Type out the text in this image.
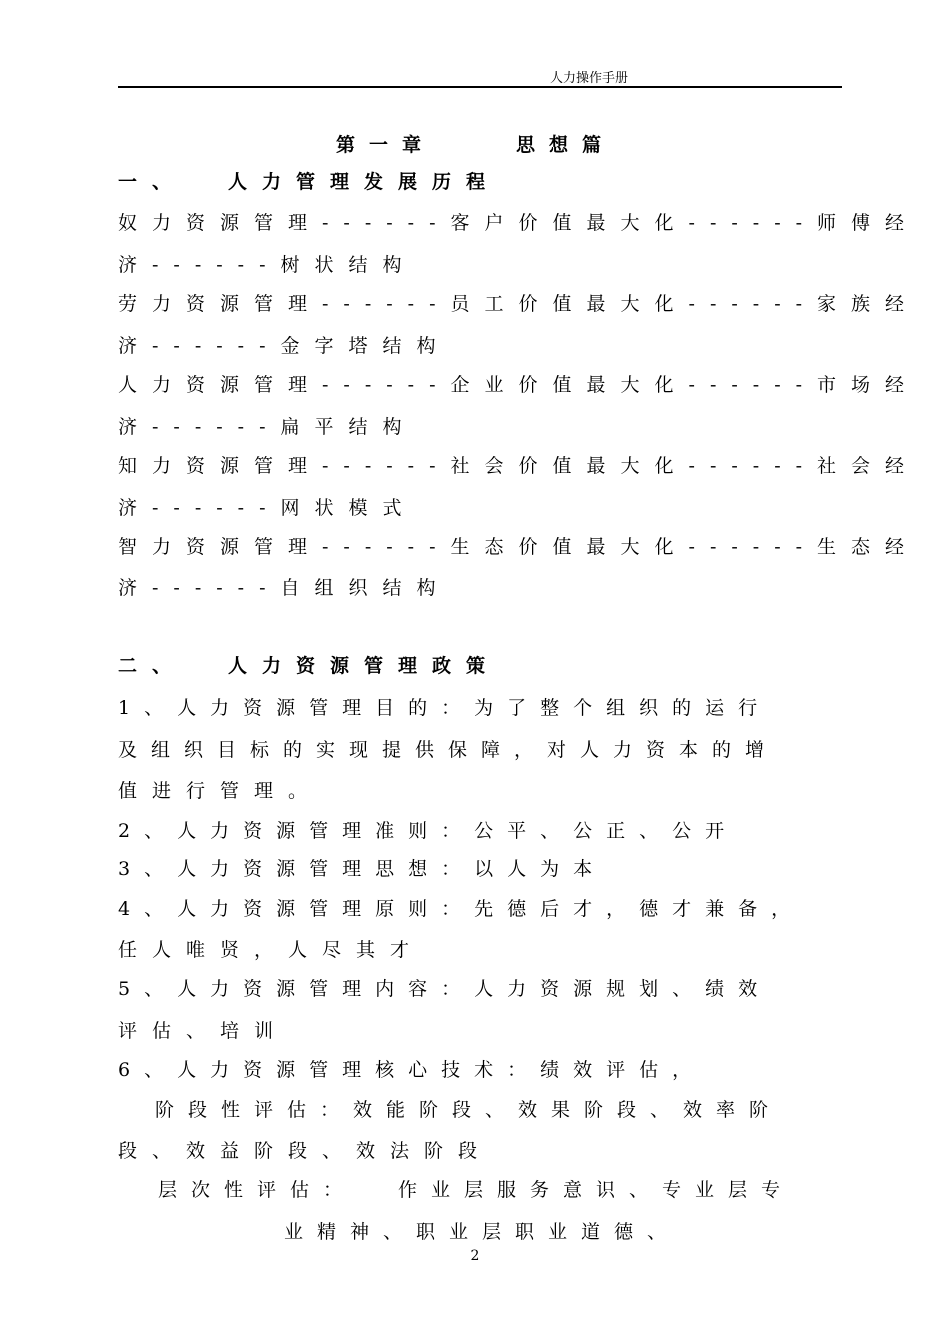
人力操作手册
第一章	思想篇
一、 人力管理发展历程
奴力资源管理------客户价值最大化------师傅经
济------树状结构
劳力资源管理------员工价值最大化------家族经
济------金字塔结构
人力资源管理------企业价值最大化------市场经
济------扁平结构
知力资源管理------社会价值最大化------社会经
济------网状模式
智力资源管理------生态价值最大化------生态经
济------自组织结构
二、 人力资源管理政策
1、人力资源管理目的：为了整个组织的运行
及组织目标的实现提供保障，对人力资本的增
值进行管理。
2、人力资源管理准则：公平、公正、公开
3、人力资源管理思想：以人为本
4、人力资源管理原则：先德后才，德才兼备，
任人唯贤，人尽其才
5、人力资源管理内容：人力资源规划、绩效
评估、培训
6、人力资源管理核心技术：绩效评估，
阶段性评估：效能阶段、效果阶段、效率阶
段、效益阶段、效法阶段
层次性评估： 作业层服务意识、专业层专
业精神、职业层职业道德、
2
